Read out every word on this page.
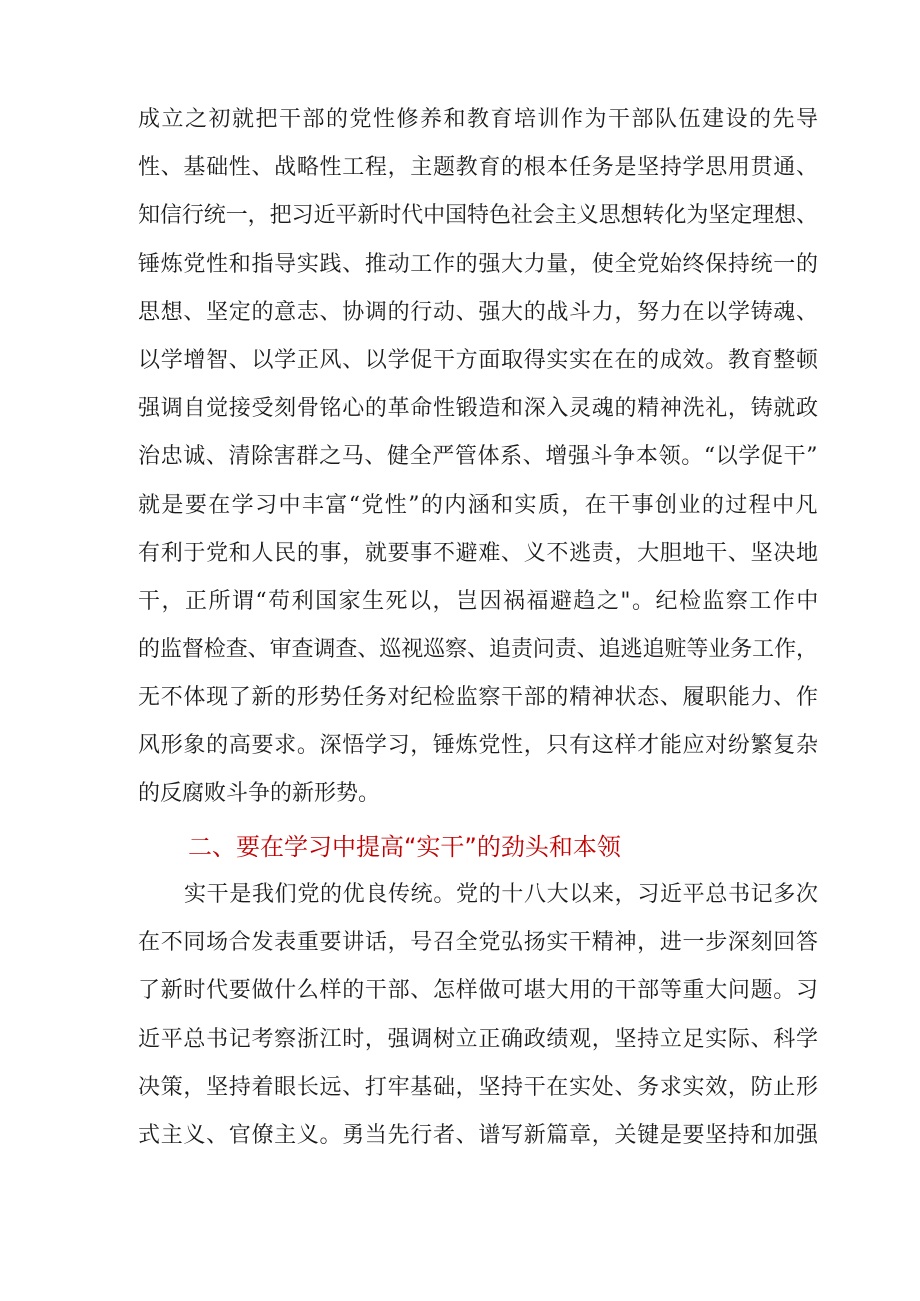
成立之初就把干部的党性修养和教育培训作为干部队伍建设的先导
性、基础性、战略性工程，主题教育的根本任务是坚持学思用贯通、
知信行统一，把习近平新时代中国特色社会主义思想转化为坚定理想、
锤炼党性和指导实践、推动工作的强大力量，使全党始终保持统一的
思想、坚定的意志、协调的行动、强大的战斗力，努力在以学铸魂、
以学增智、以学正风、以学促干方面取得实实在在的成效。教育整顿
强调自觉接受刻骨铭心的革命性锻造和深入灵魂的精神洗礼，铸就政
治忠诚、清除害群之马、健全严管体系、增强斗争本领。“以学促干”
就是要在学习中丰富“党性”的内涵和实质，在干事创业的过程中凡
有利于党和人民的事，就要事不避难、义不逃责，大胆地干、坚决地
干，正所谓“苟利国家生死以，岂因祸福避趋之"。纪检监察工作中
的监督检查、审查调查、巡视巡察、追责问责、追逃追赃等业务工作，
无不体现了新的形势任务对纪检监察干部的精神状态、履职能力、作
风形象的高要求。深悟学习，锤炼党性，只有这样才能应对纷繁复杂
的反腐败斗争的新形势。
二、要在学习中提高“实干”的劲头和本领
实干是我们党的优良传统。党的十八大以来，习近平总书记多次
在不同场合发表重要讲话，号召全党弘扬实干精神，进一步深刻回答
了新时代要做什么样的干部、怎样做可堪大用的干部等重大问题。习
近平总书记考察浙江时，强调树立正确政绩观，坚持立足实际、科学
决策，坚持着眼长远、打牢基础，坚持干在实处、务求实效，防止形
式主义、官僚主义。勇当先行者、谱写新篇章，关键是要坚持和加强
